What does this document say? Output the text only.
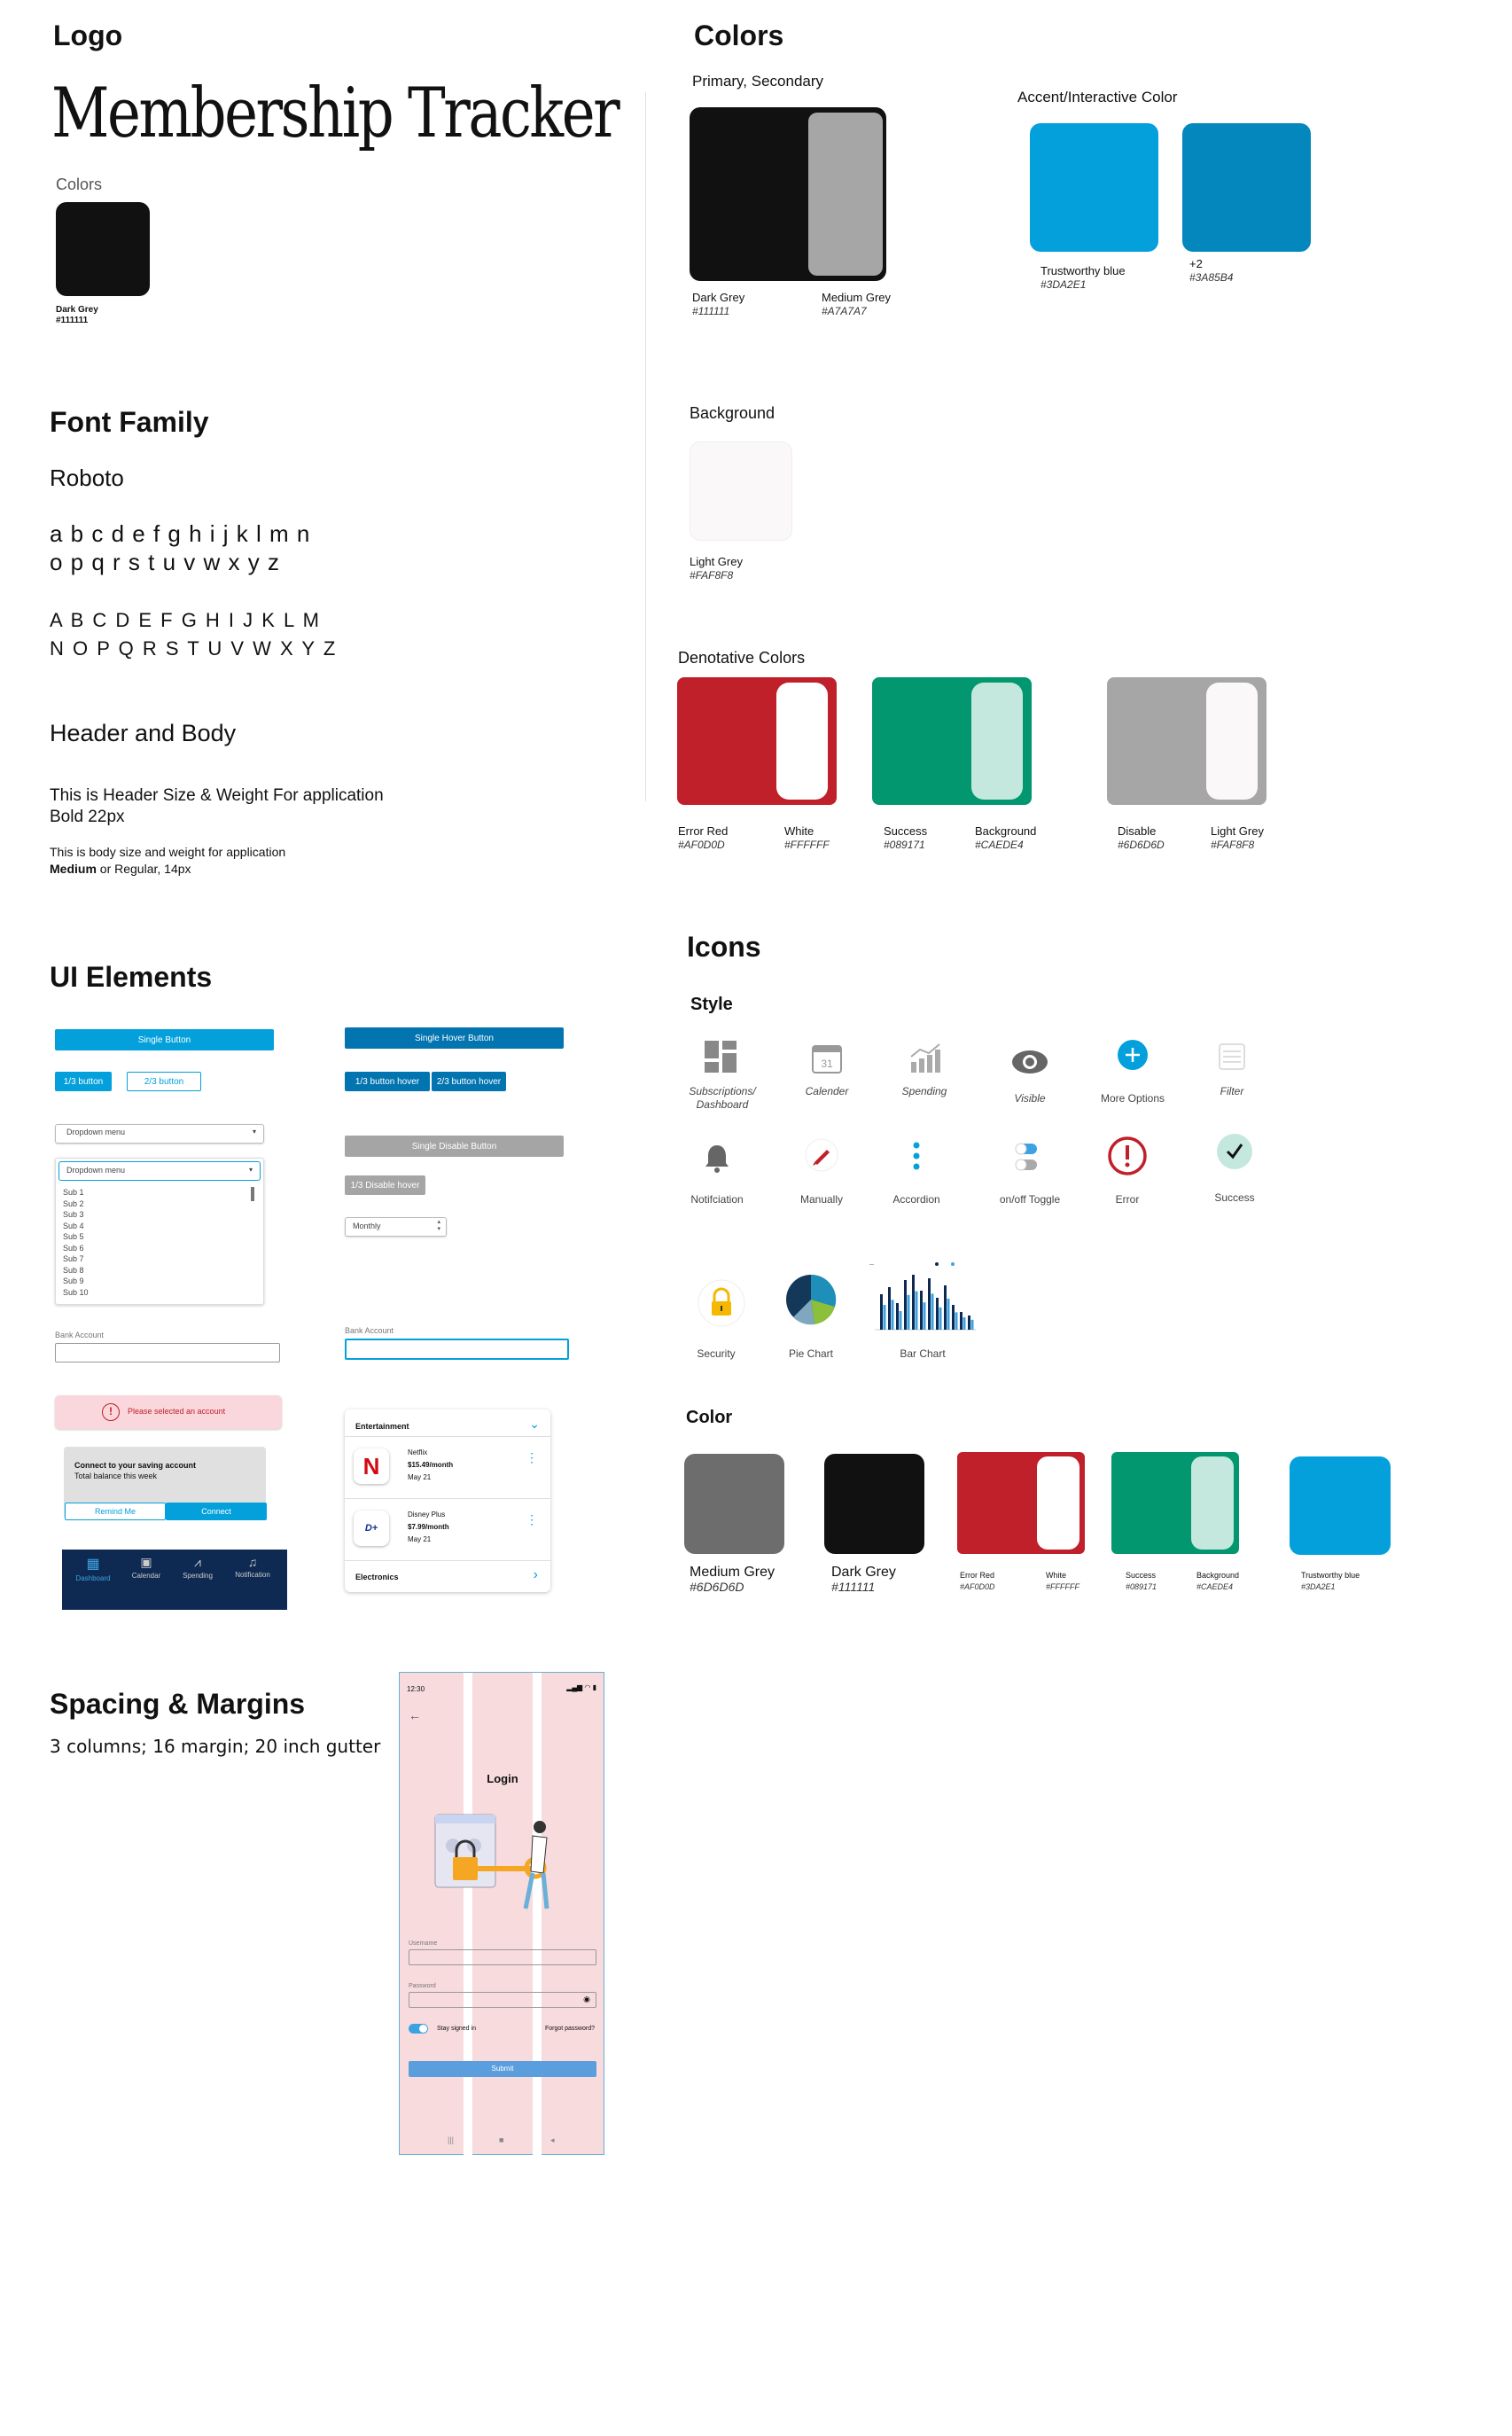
Logo
Membership Tracker
Colors
Dark Grey
#111111
Font Family
Roboto
a b c d e f g h i j k l m n
o p q r s t u v w x y z
A B C D E F G H I J K L M
N O P Q R S T U V W X Y Z
Header and Body
This is Header Size & Weight For application
Bold 22px
This is body size and weight for application
Medium or Regular, 14px
Colors
Primary, Secondary
Dark Grey
#111111
Medium Grey
#A7A7A7
Accent/Interactive Color
Trustworthy blue
#3DA2E1
+2
#3A85B4
Background
Light Grey
#FAF8F8
Denotative Colors
Error Red
#AF0D0D
White
#FFFFFF
Success
#089171
Background
#CAEDE4
Disable
#6D6D6D
Light Grey
#FAF8F8
UI Elements
Single Button	Single Hover Button
1/3 button	2/3 button	1/3 button hover	2/3 button hover
Dropdown menu	▾
Single Disable Button
Dropdown menu	▾
Sub 1
Sub 2
Sub 3
Sub 4
Sub 5
Sub 6
Sub 7
Sub 8
Sub 9
Sub 10
1/3 Disable hover
Monthly	▴
▾
Bank Account	Bank Account
!	Please selected an account
Connect to your saving account
Total balance this week
Remind Me	Connect
▦
Dashboard
▣
Calendar
⩘
Spending
♫
Notification
Entertainment	⌄
N
Netflix
$15.49/month
May 21
⋮
D+
Disney Plus
$7.99/month
May 21
⋮
Electronics	›
Icons
Style
Subscriptions/ Dashboard
31
Calender	Spending
Visible	More Options
Filter
Notifciation	Manually	Accordion	on/off Toggle	Error	Success
Security	Pie Chart
—
Bar Chart
Color
Medium Grey
#6D6D6D
Dark Grey
#111111
Error Red
#AF0D0D
White
#FFFFFF
Success
#089171
Background
#CAEDE4
Trustworthy blue
#3DA2E1
Spacing & Margins
3 columns; 16 margin; 20 inch gutter
12:30	▂▄▆ ◠ ▮
←
Login
Username
Password
◉
Stay signed in	Forgot password?
Submit
|||	■	◂
